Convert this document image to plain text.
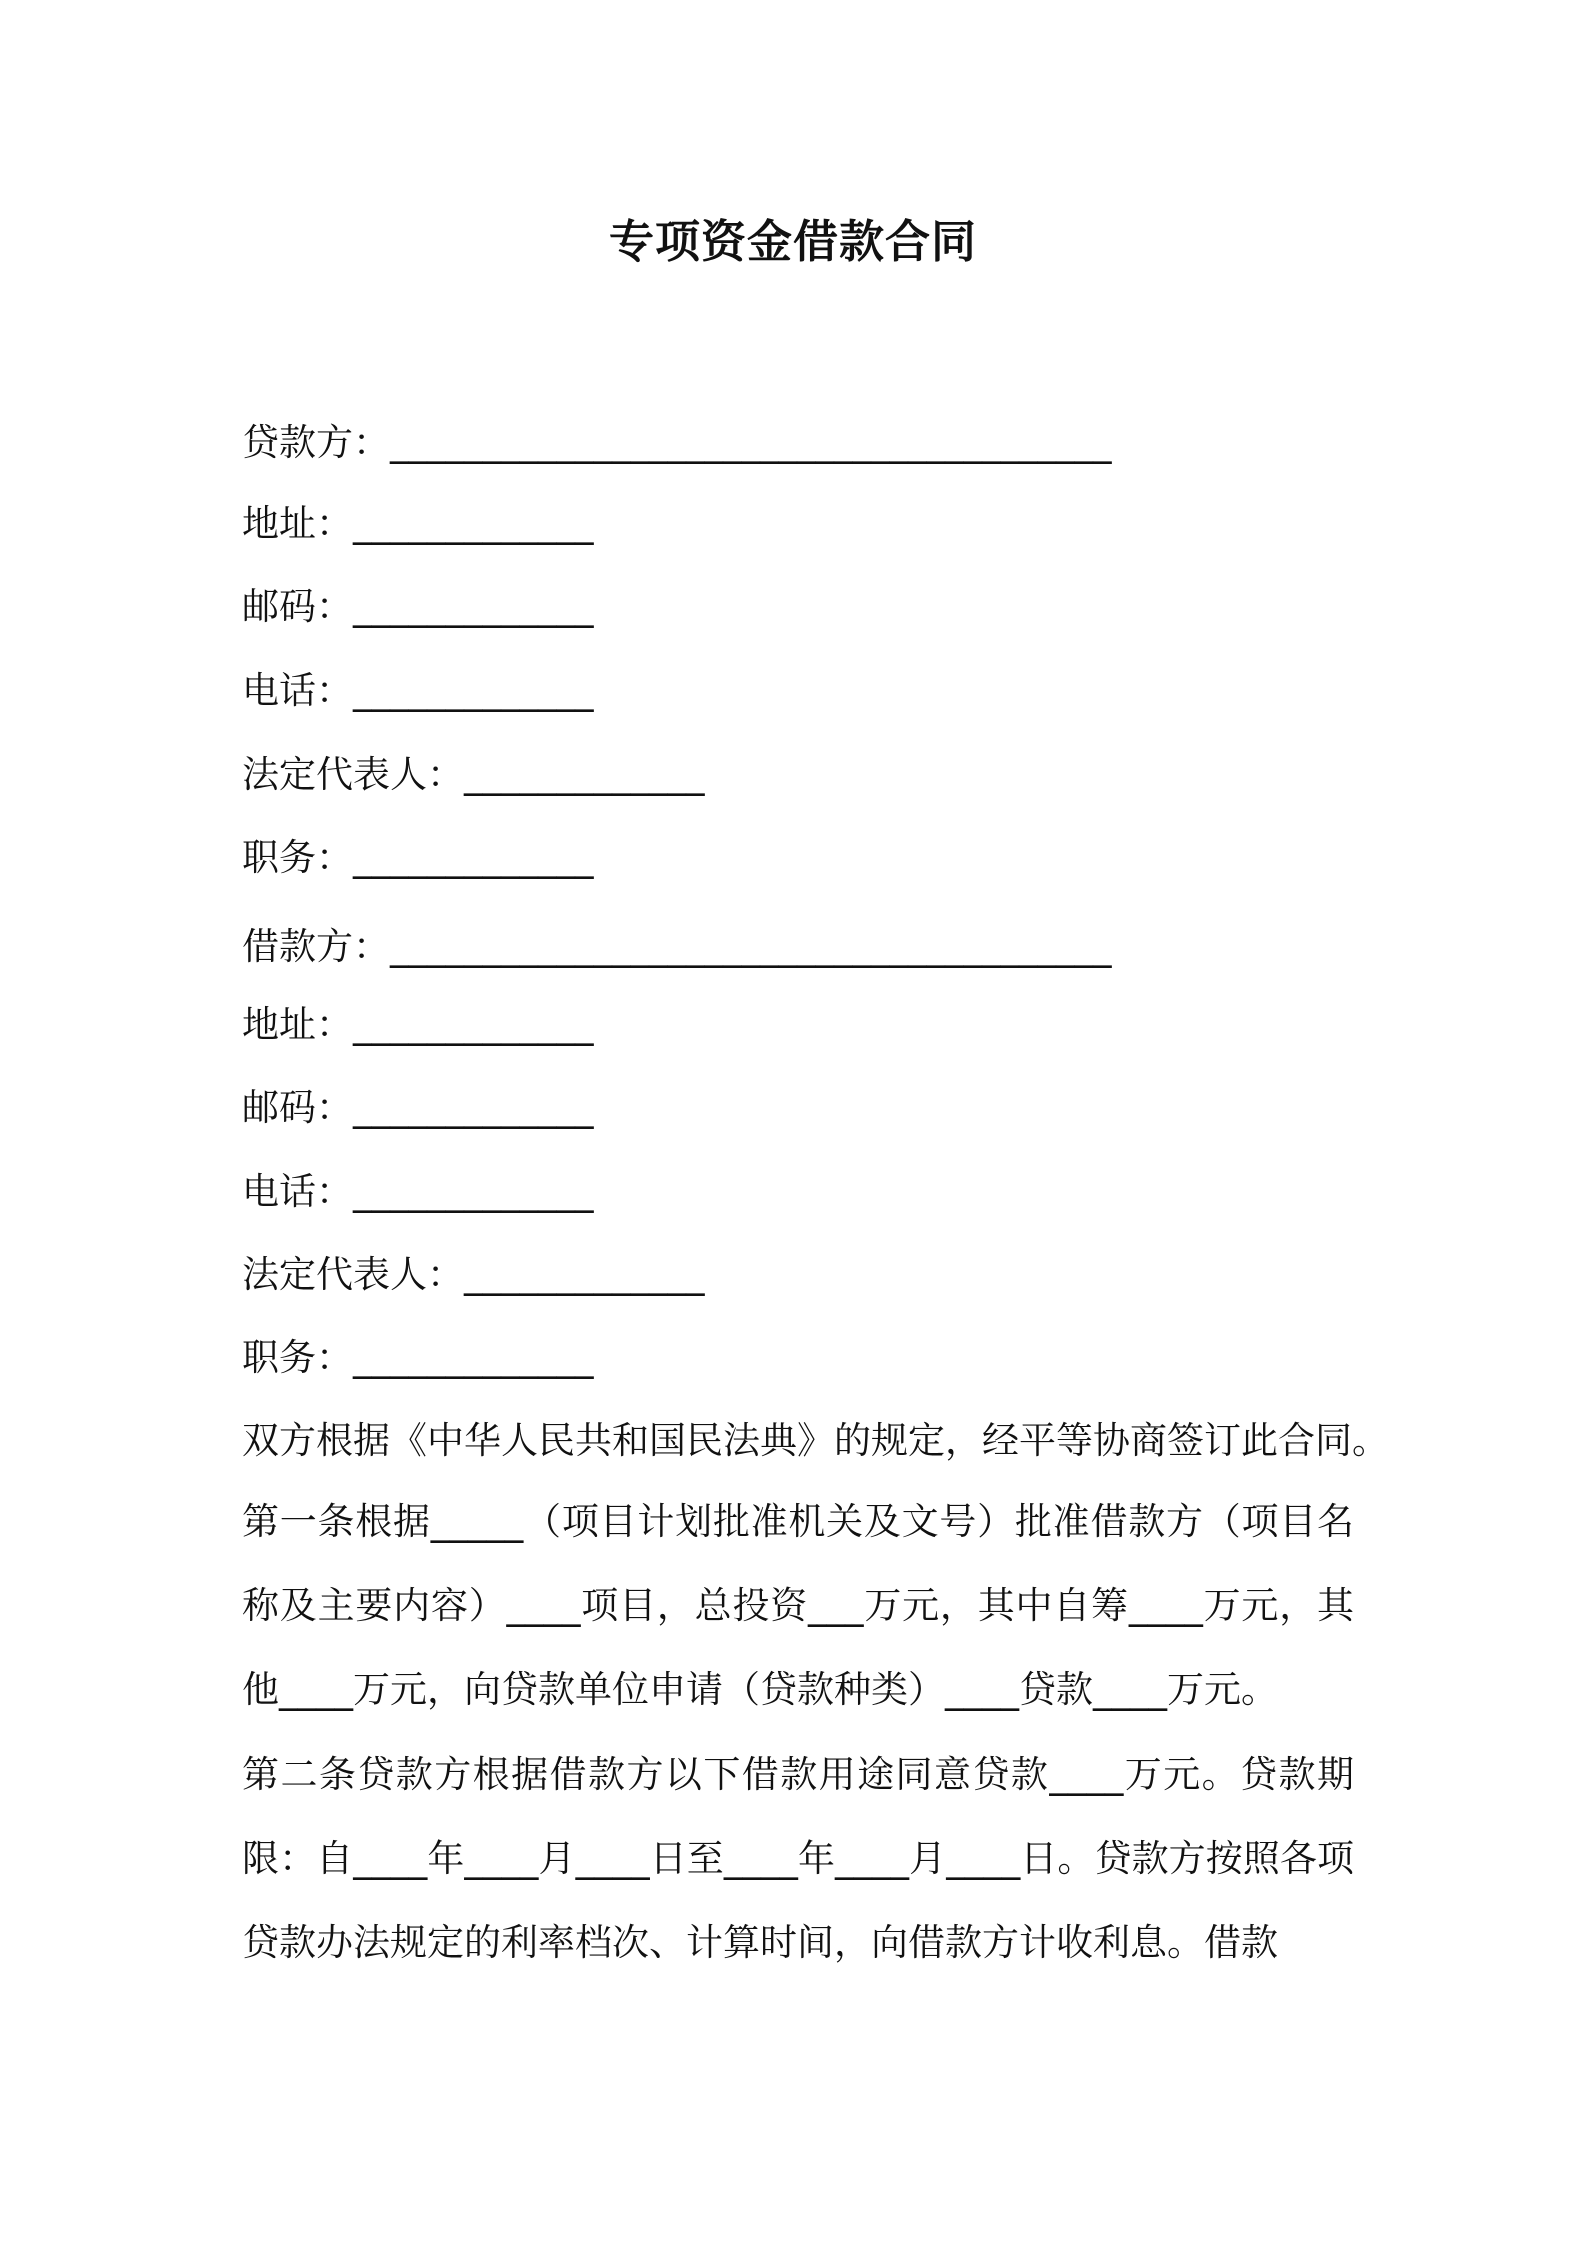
专项资金借款合同
贷款方：_______________________________________
地址：_____________
邮码：_____________
电话：_____________
法定代表人：_____________
职务：_____________
借款方：_______________________________________
地址：_____________
邮码：_____________
电话：_____________
法定代表人：_____________
职务：_____________
双方根据《中华人民共和国民法典》的规定，经平等协商签订此合同。
第一条根据_____（项目计划批准机关及文号）批准借款方（项目名称及主要内容）____项目，总投资___万元，其中自筹____万元，其他____万元，向贷款单位申请（贷款种类）____贷款____万元。
第二条贷款方根据借款方以下借款用途同意贷款____万元。贷款期限：自____年____月____日至____年____月____日。贷款方按照各项贷款办法规定的利率档次、计算时间，向借款方计收利息。借款
